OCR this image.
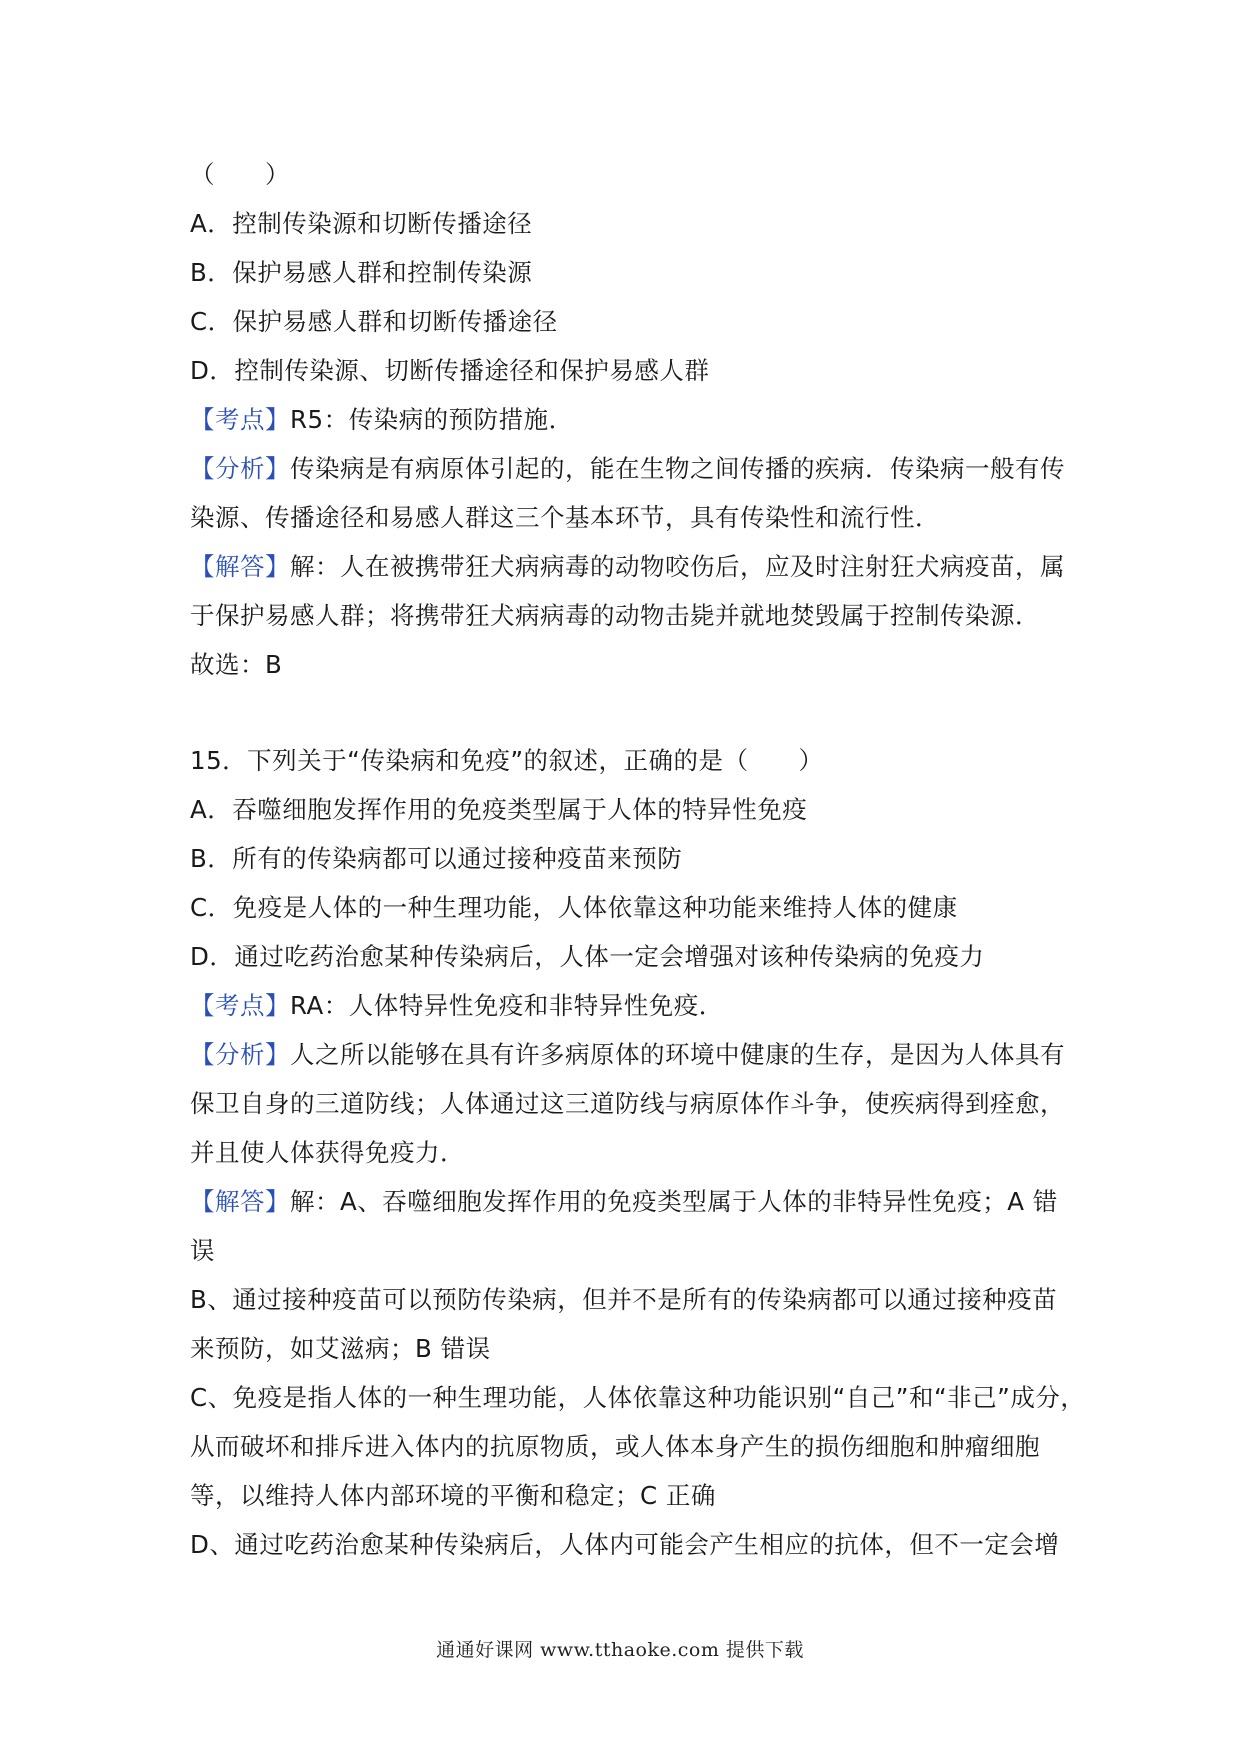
（　　）
A．控制传染源和切断传播途径
B．保护易感人群和控制传染源
C．保护易感人群和切断传播途径
D．控制传染源、切断传播途径和保护易感人群
【考点】R5：传染病的预防措施．
【分析】传染病是有病原体引起的，能在生物之间传播的疾病．传染病一般有传
染源、传播途径和易感人群这三个基本环节，具有传染性和流行性．
【解答】解：人在被携带狂犬病病毒的动物咬伤后，应及时注射狂犬病疫苗，属
于保护易感人群；将携带狂犬病病毒的动物击毙并就地焚毁属于控制传染源．
故选：B
15．下列关于“传染病和免疫”的叙述，正确的是（　　）
A．吞噬细胞发挥作用的免疫类型属于人体的特异性免疫
B．所有的传染病都可以通过接种疫苗来预防
C．免疫是人体的一种生理功能，人体依靠这种功能来维持人体的健康
D．通过吃药治愈某种传染病后，人体一定会增强对该种传染病的免疫力
【考点】RA：人体特异性免疫和非特异性免疫．
【分析】人之所以能够在具有许多病原体的环境中健康的生存，是因为人体具有
保卫自身的三道防线；人体通过这三道防线与病原体作斗争，使疾病得到痊愈，
并且使人体获得免疫力．
【解答】解：A、吞噬细胞发挥作用的免疫类型属于人体的非特异性免疫；A 错
误
B、通过接种疫苗可以预防传染病，但并不是所有的传染病都可以通过接种疫苗
来预防，如艾滋病；B 错误
C、免疫是指人体的一种生理功能，人体依靠这种功能识别“自己”和“非己”成分，
从而破坏和排斥进入体内的抗原物质，或人体本身产生的损伤细胞和肿瘤细胞
等，以维持人体内部环境的平衡和稳定；C 正确
D、通过吃药治愈某种传染病后，人体内可能会产生相应的抗体，但不一定会增
通通好课网 www.tthaoke.com 提供下载
